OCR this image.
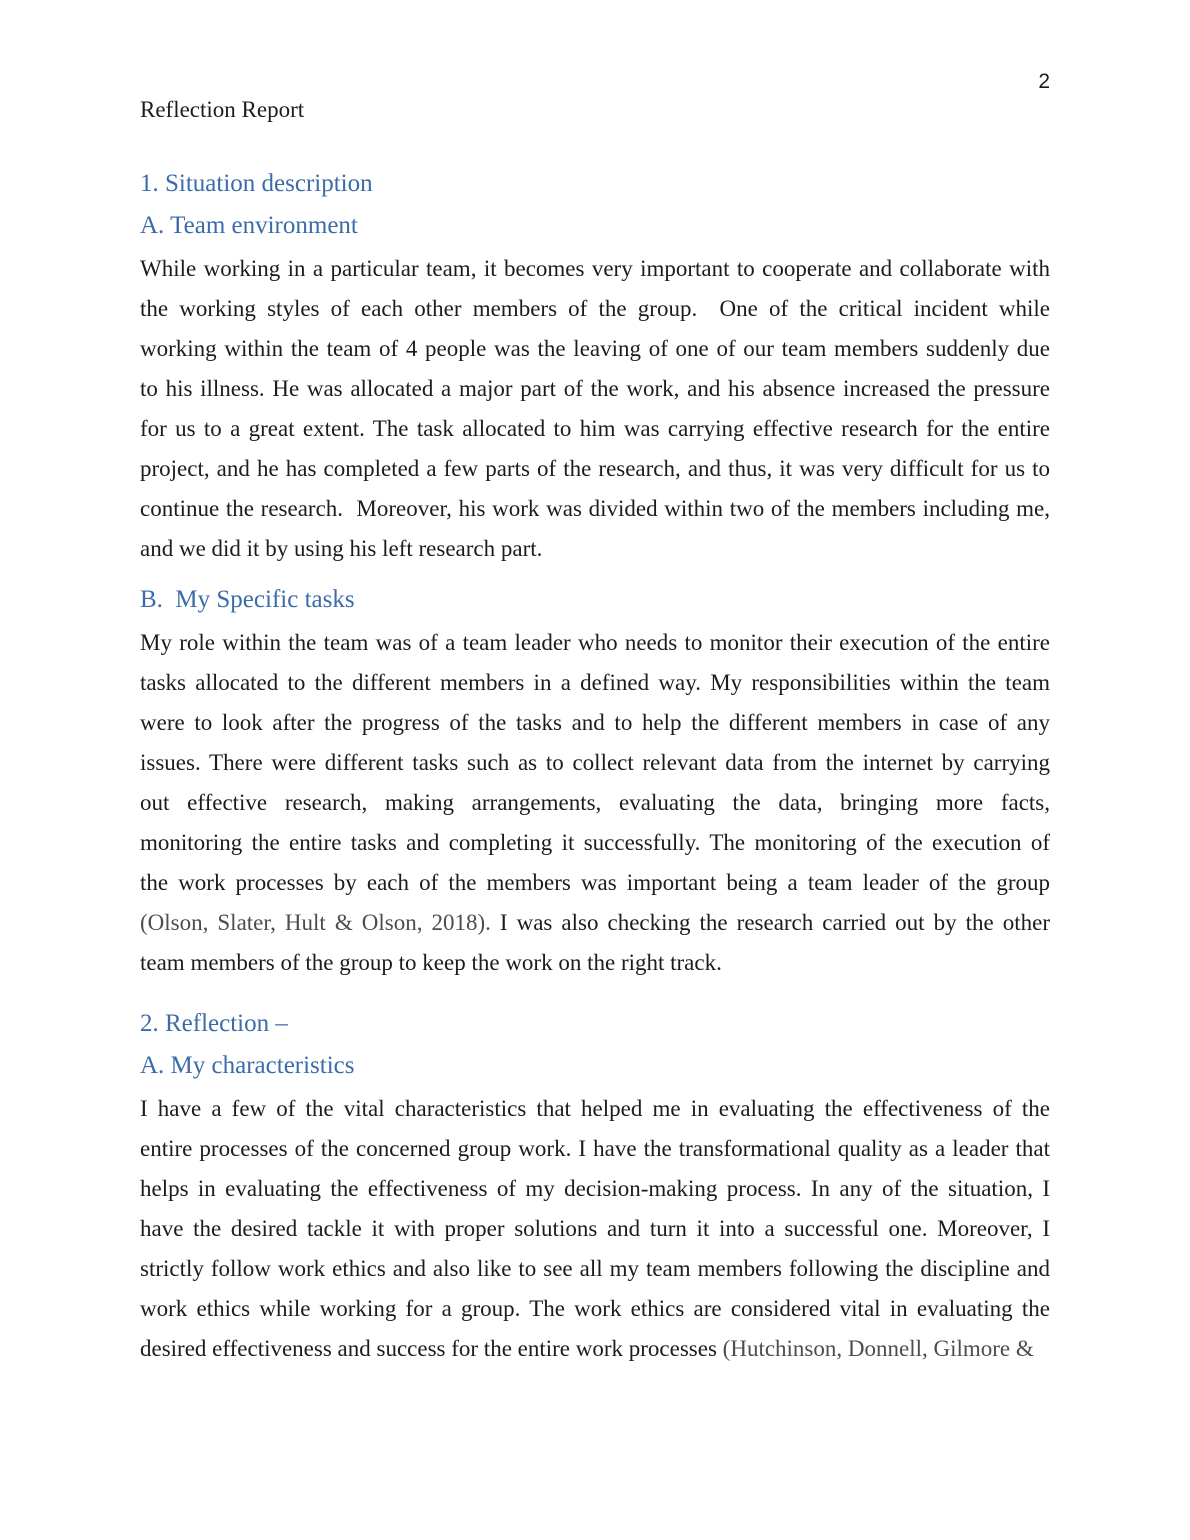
2
Reflection Report
1. Situation description
A. Team environment
While working in a particular team, it becomes very important to cooperate and collaborate with
the working styles of each other members of the group.  One of the critical incident while
working within the team of 4 people was the leaving of one of our team members suddenly due
to his illness. He was allocated a major part of the work, and his absence increased the pressure
for us to a great extent. The task allocated to him was carrying effective research for the entire
project, and he has completed a few parts of the research, and thus, it was very difficult for us to
continue the research.  Moreover, his work was divided within two of the members including me,
and we did it by using his left research part.
B.  My Specific tasks
My role within the team was of a team leader who needs to monitor their execution of the entire
tasks allocated to the different members in a defined way. My responsibilities within the team
were to look after the progress of the tasks and to help the different members in case of any
issues. There were different tasks such as to collect relevant data from the internet by carrying
out effective research, making arrangements, evaluating the data, bringing more facts,
monitoring the entire tasks and completing it successfully. The monitoring of the execution of
the work processes by each of the members was important being a team leader of the group
(Olson, Slater, Hult & Olson, 2018). I was also checking the research carried out by the other
team members of the group to keep the work on the right track.
2. Reflection –
A. My characteristics
I have a few of the vital characteristics that helped me in evaluating the effectiveness of the
entire processes of the concerned group work. I have the transformational quality as a leader that
helps in evaluating the effectiveness of my decision-making process. In any of the situation, I
have the desired tackle it with proper solutions and turn it into a successful one. Moreover, I
strictly follow work ethics and also like to see all my team members following the discipline and
work ethics while working for a group. The work ethics are considered vital in evaluating the
desired effectiveness and success for the entire work processes (Hutchinson, Donnell, Gilmore &
